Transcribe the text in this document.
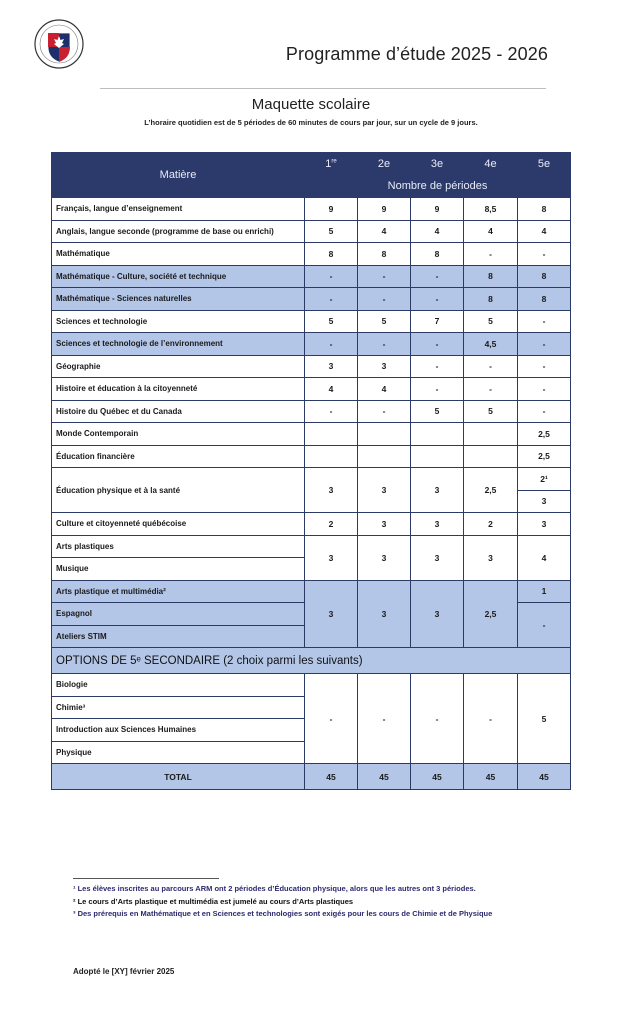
Programme d’étude 2025 - 2026
Maquette scolaire
L’horaire quotidien est de 5 périodes de 60 minutes de cours par jour, sur un cycle de 9 jours.
Matière	1re	2e	3e	4e	5e
	Nombre de périodes				
Français, langue d’enseignement	9	9	9	8,5	8
Anglais, langue seconde (programme de base ou enrichi)	5	4	4	4	4
Mathématique	8	8	8	-	-
Mathématique - Culture, société et technique	-	-	-	8	8
Mathématique - Sciences naturelles	-	-	-	8	8
Sciences et technologie	5	5	7	5	-
Sciences et technologie de l’environnement	-	-	-	4,5	-
Géographie	3	3	-	-	-
Histoire et éducation à la citoyenneté	4	4	-	-	-
Histoire du Québec et du Canada	-	-	5	5	-
Monde Contemporain					2,5
Éducation financière					2,5
Éducation physique et à la santé	3	3	3	2,5	2¹
					3
Culture et citoyenneté québécoise	2	3	3	2	3
Arts plastiques	3	3	3	3	4
Musique					
Arts plastique et multimédia²	3	3	3	2,5	1
Espagnol					-
Ateliers STIM					
OPTIONS DE 5ᵉ SECONDAIRE (2 choix parmi les suivants)					
Biologie	-	-	-	-	5
Chimie³					
Introduction aux Sciences Humaines					
Physique					
TOTAL	45	45	45	45	45
¹ Les élèves inscrites au parcours ARM ont 2 périodes d’Éducation physique, alors que les autres ont 3 périodes.
² Le cours d’Arts plastique et multimédia est jumelé au cours d’Arts plastiques
³ Des prérequis en Mathématique et en Sciences et technologies sont exigés pour les cours de Chimie et de Physique
Adopté le [XY] février 2025
